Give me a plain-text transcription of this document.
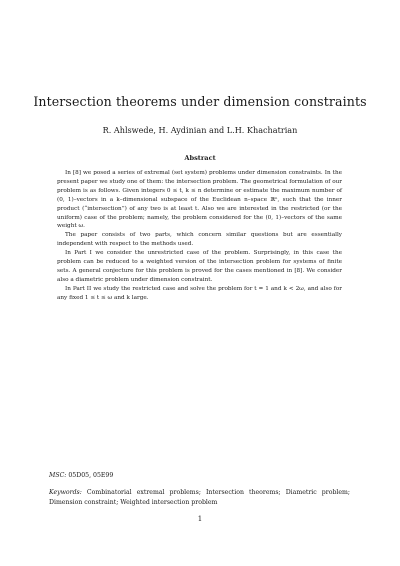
Intersection theorems under dimension constraints
R. Ahlswede, H. Aydinian and L.H. Khachatrian
Abstract

In [8] we posed a series of extremal (set system) problems under dimension constraints. In the present paper we study one of them: the intersection problem. The geometrical formulation of our problem is as follows. Given integers 0 ≤ t, k ≤ n determine or estimate the maximum number of (0, 1)–vectors in a k–dimensional subspace of the Euclidean n–space ℝⁿ, such that the inner product (“intersection”) of any two is at least t. Also we are interested in the restricted (or the uniform) case of the problem; namely, the problem considered for the (0, 1)–vectors of the same weight ω.

The paper consists of two parts, which concern similar questions but are essentially independent with respect to the methods used.

In Part I we consider the unrestricted case of the problem. Surprisingly, in this case the problem can be reduced to a weighted version of the intersection problem for systems of finite sets. A general conjecture for this problem is proved for the cases mentioned in [8]. We consider also a diametric problem under dimension constraint.

In Part II we study the restricted case and solve the problem for t = 1 and k < 2ω, and also for any fixed 1 ≤ t ≤ ω and k large.

MSC: 05D05, 05E99
Keywords: Combinatorial extremal problems; Intersection theorems; Diametric problem; Dimension constraint; Weighted intersection problem
1
